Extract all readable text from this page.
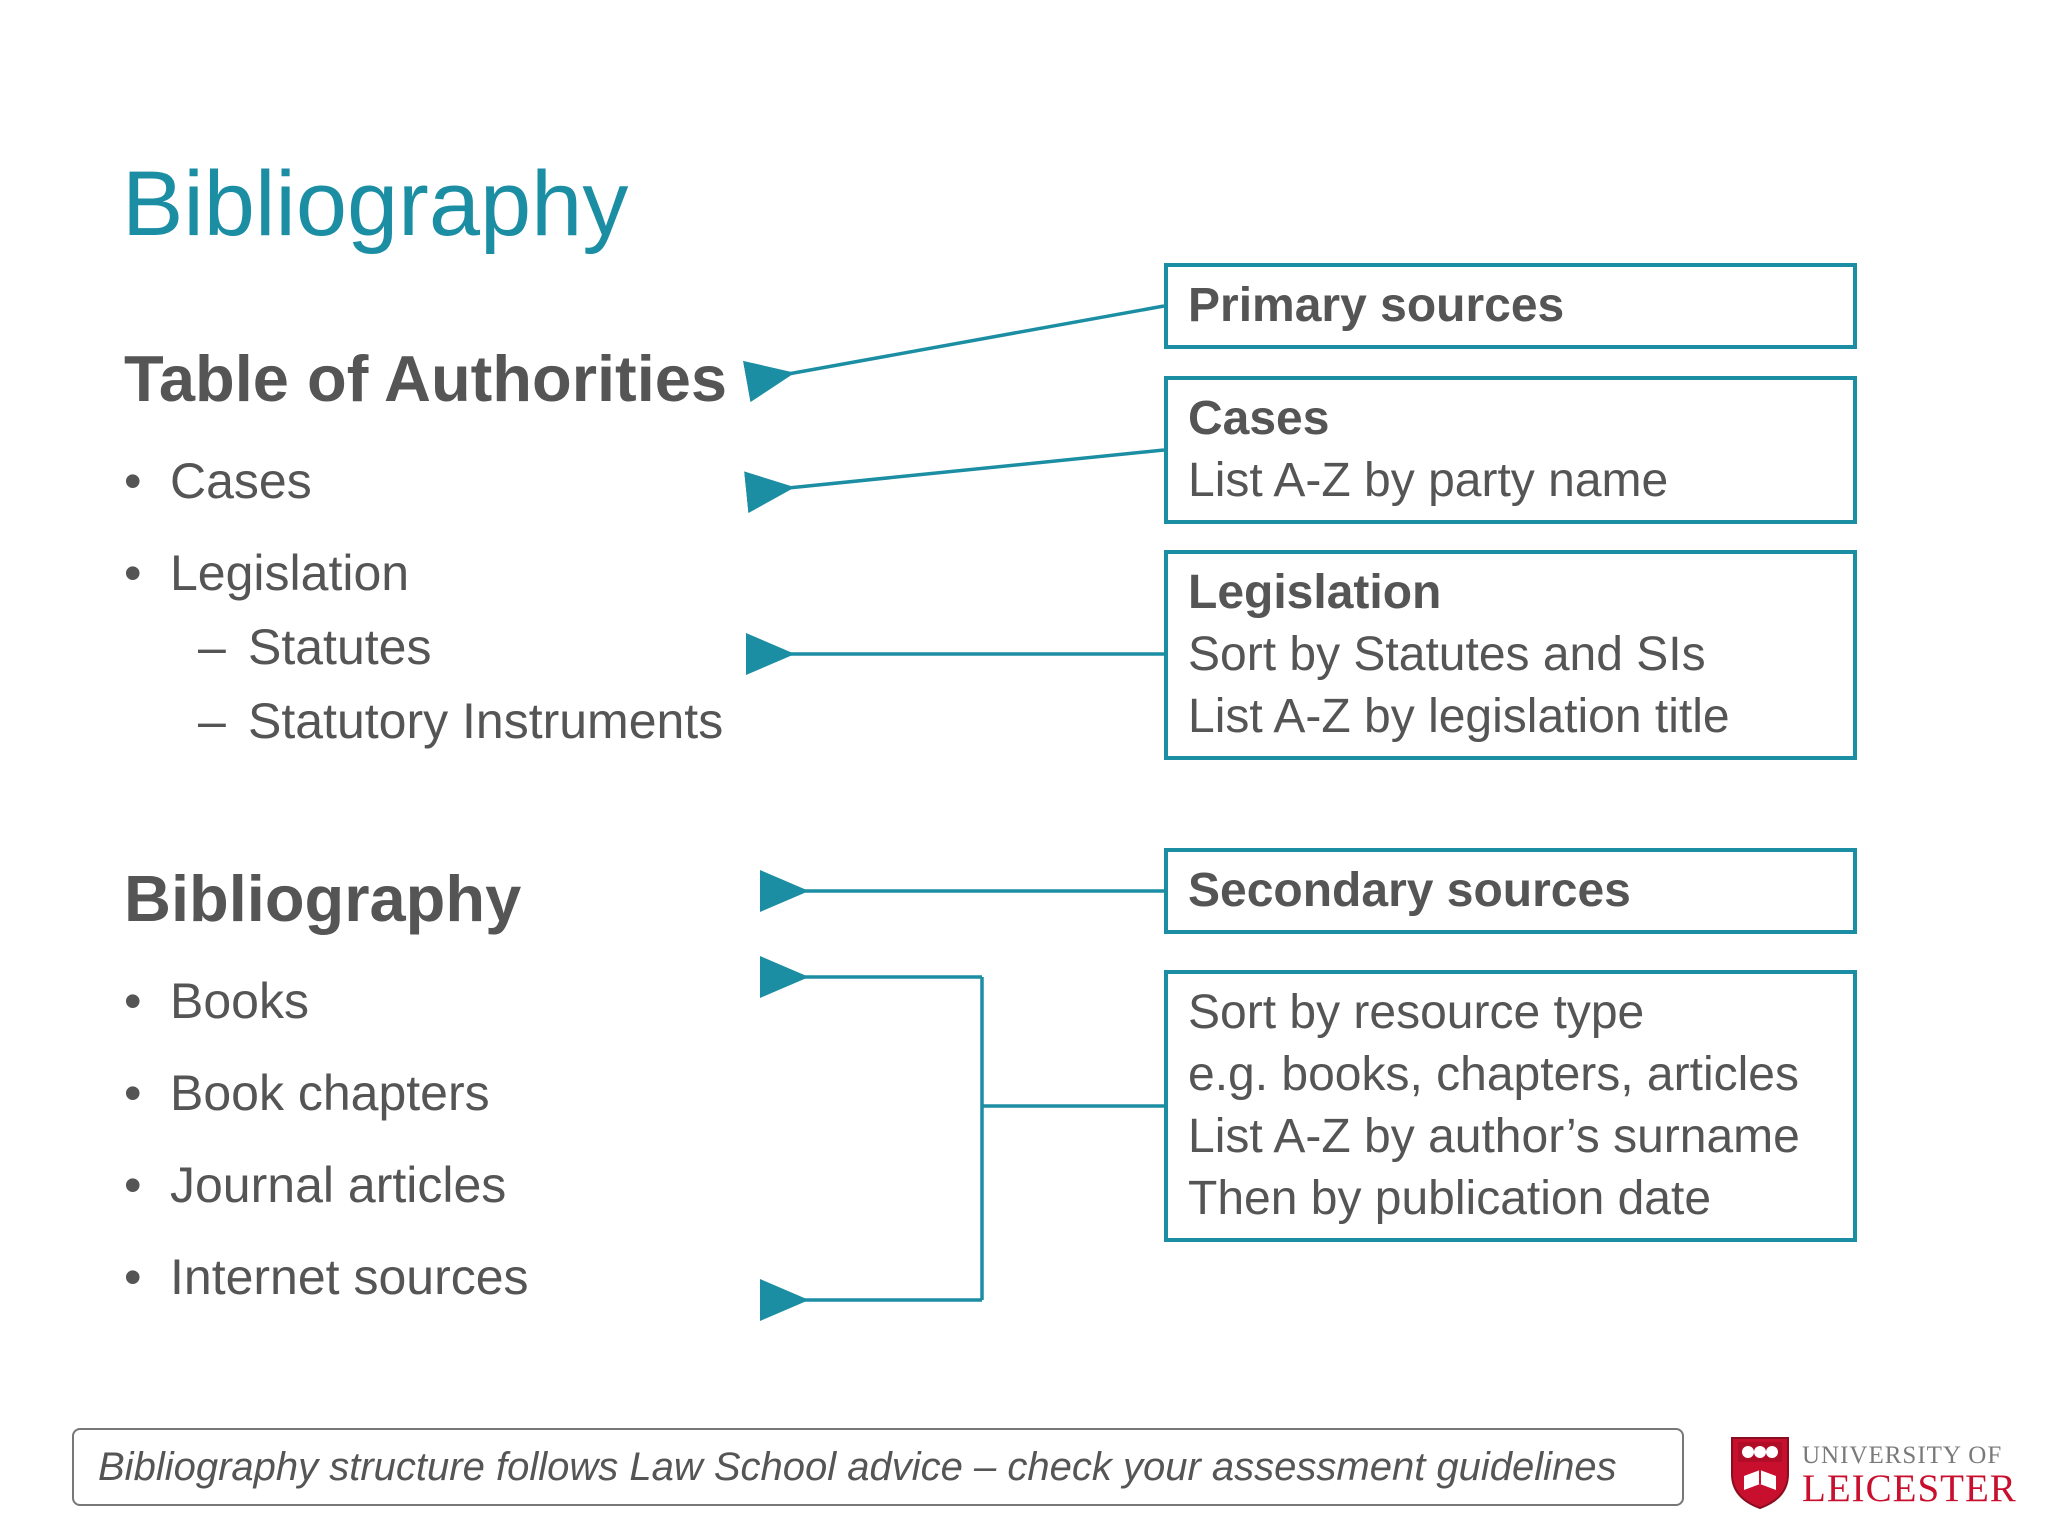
Bibliography
Table of Authorities
• Cases
• Legislation
– Statutes
– Statutory Instruments
Bibliography
• Books
• Book chapters
• Journal articles
• Internet sources
Primary sources
Cases
List A-Z by party name
Legislation
Sort by Statutes and SIs
List A-Z by legislation title
Secondary sources
Sort by resource type
e.g. books, chapters, articles
List A-Z by author’s surname
Then by publication date
Bibliography structure follows Law School advice – check your assessment guidelines	UNIVERSITY OF
LEICESTER
